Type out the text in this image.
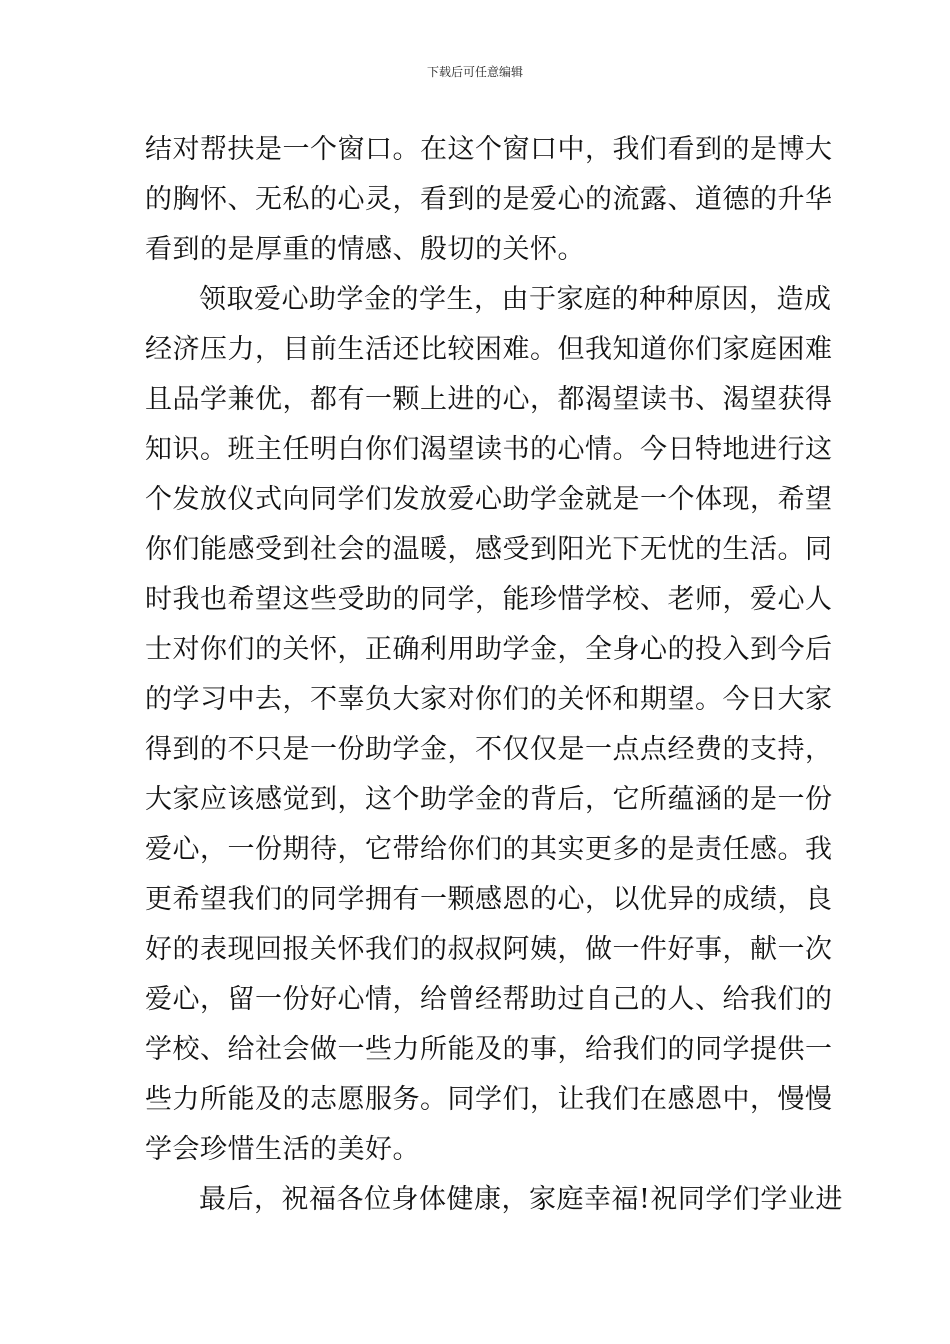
下载后可任意编辑
结对帮扶是一个窗口。在这个窗口中，我们看到的是博大
的胸怀、无私的心灵，看到的是爱心的流露、道德的升华
看到的是厚重的情感、殷切的关怀。
领取爱心助学金的学生，由于家庭的种种原因，造成
经济压力，目前生活还比较困难。但我知道你们家庭困难
且品学兼优，都有一颗上进的心，都渴望读书、渴望获得
知识。班主任明白你们渴望读书的心情。今日特地进行这
个发放仪式向同学们发放爱心助学金就是一个体现，希望
你们能感受到社会的温暖，感受到阳光下无忧的生活。同
时我也希望这些受助的同学，能珍惜学校、老师，爱心人
士对你们的关怀，正确利用助学金，全身心的投入到今后
的学习中去，不辜负大家对你们的关怀和期望。今日大家
得到的不只是一份助学金，不仅仅是一点点经费的支持，
大家应该感觉到，这个助学金的背后，它所蕴涵的是一份
爱心，一份期待，它带给你们的其实更多的是责任感。我
更希望我们的同学拥有一颗感恩的心，以优异的成绩，良
好的表现回报关怀我们的叔叔阿姨，做一件好事，献一次
爱心，留一份好心情，给曾经帮助过自己的人、给我们的
学校、给社会做一些力所能及的事，给我们的同学提供一
些力所能及的志愿服务。同学们，让我们在感恩中，慢慢
学会珍惜生活的美好。
最后，祝福各位身体健康，家庭幸福!祝同学们学业进
